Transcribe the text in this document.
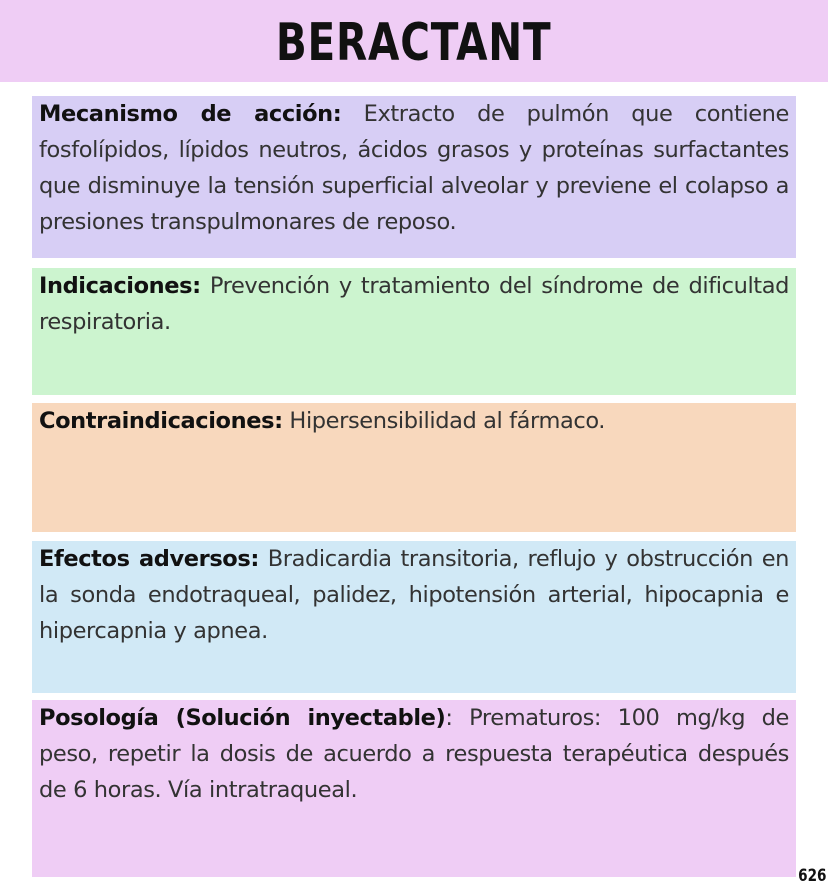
BERACTANT

Mecanismo de acción: Extracto de pulmón que contiene fosfolípidos, lípidos neutros, ácidos grasos y proteínas surfactantes que disminuye la tensión superficial alveolar y previene el colapso a presiones transpulmonares de reposo.

Indicaciones: Prevención y tratamiento del síndrome de dificultad respiratoria.

Contraindicaciones: Hipersensibilidad al fármaco.

Efectos adversos: Bradicardia transitoria, reflujo y obstrucción en la sonda endotraqueal, palidez, hipotensión arterial, hipocapnia e hipercapnia y apnea.

Posología (Solución inyectable): Prematuros: 100 mg/kg de peso, repetir la dosis de acuerdo a respuesta terapéutica después de 6 horas. Vía intratraqueal.

626
